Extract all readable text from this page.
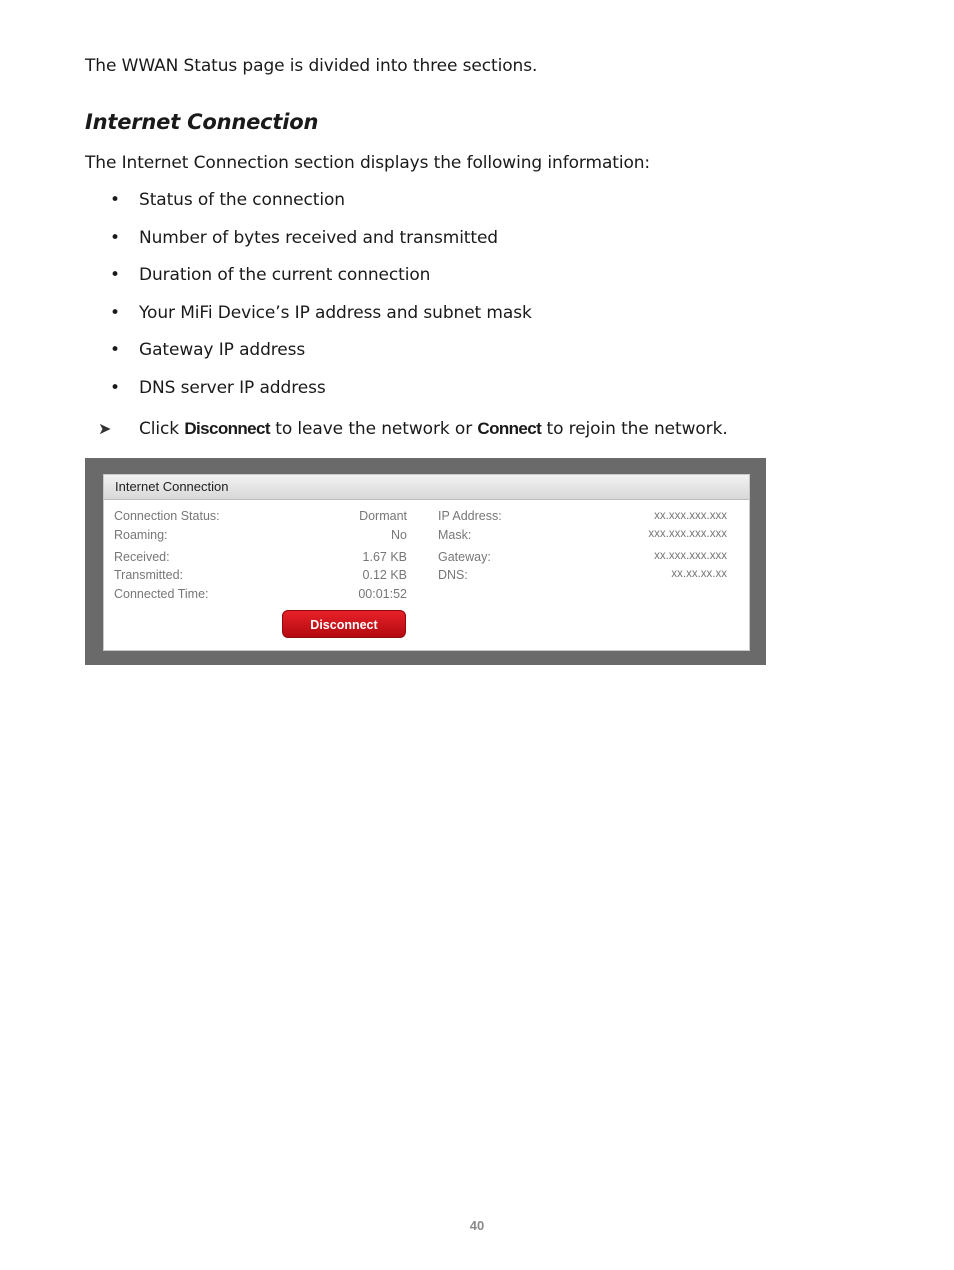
The WWAN Status page is divided into three sections.
Internet Connection
The Internet Connection section displays the following information:
• Status of the connection
• Number of bytes received and transmitted
• Duration of the current connection
• Your MiFi Device’s IP address and subnet mask
• Gateway IP address
• DNS server IP address
➤ Click Disconnect to leave the network or Connect to rejoin the network.
Internet Connection
Connection Status:	Dormant
Roaming:	No
Received:	1.67 KB
Transmitted:	0.12 KB
Connected Time:	00:01:52
IP Address:	xx.xxx.xxx.xxx
Mask:	xxx.xxx.xxx.xxx
Gateway:	xx.xxx.xxx.xxx
DNS:	xx.xx.xx.xx
Disconnect
40
